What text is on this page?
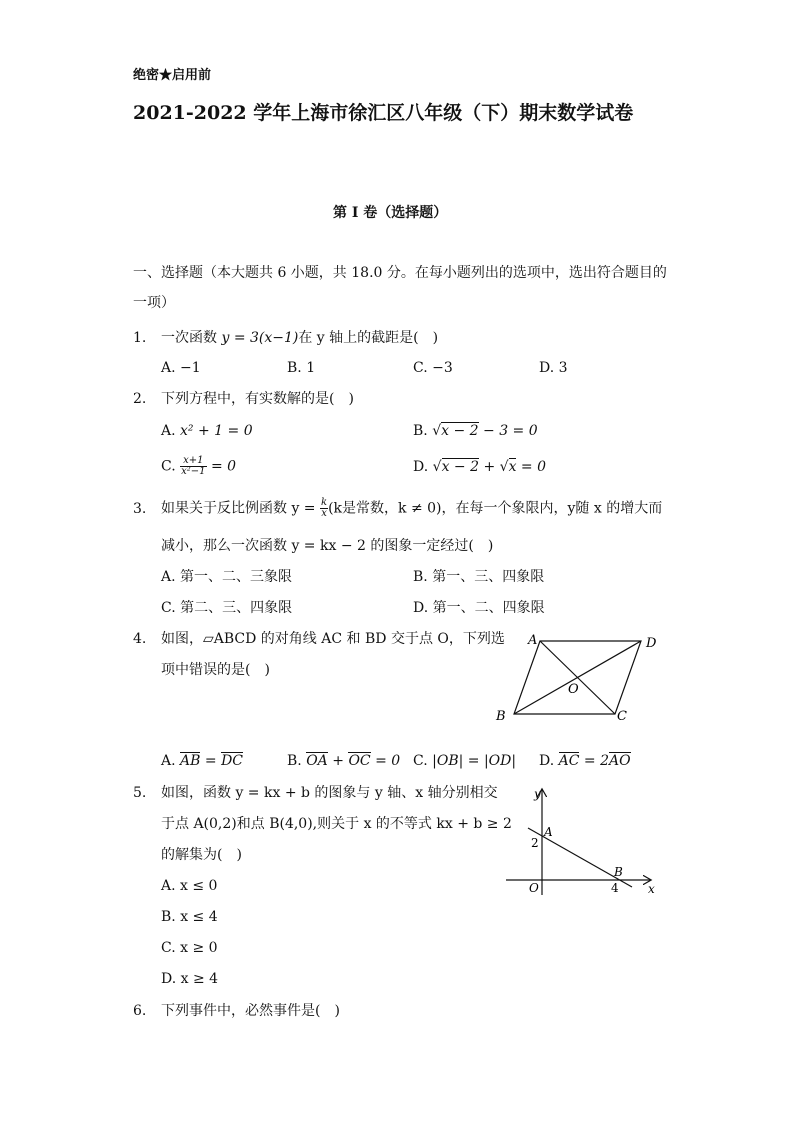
绝密★启用前
2021-2022 学年上海市徐汇区八年级（下）期末数学试卷
第 I 卷（选择题）
一、选择题（本大题共 6 小题，共 18.0 分。在每小题列出的选项中，选出符合题目的
一项）
1. 一次函数 y = 3(x−1)在 y 轴上的截距是(　)
A. −1	B. 1	C. −3	D. 3
2. 下列方程中，有实数解的是(　)
A. x² + 1 = 0	B. √x − 2 − 3 = 0
C. $\frac{x+1}{\text{x²−1}} = 0$	D. √x − 2 + √x = 0
3. 如果关于反比例函数 $y = \frac{k}{x} (k$是常数，k ≠ 0)，在每一个象限内，y随 x 的增大而
减小，那么一次函数 y = kx − 2 的图象一定经过(　)
A. 第一、二、三象限	B. 第一、三、四象限
C. 第二、三、四象限	D. 第一、二、四象限
4. 如图，▱ABCD 的对角线 AC 和 BD 交于点 O，下列选
项中错误的是(　)
A	D
B	C
O
A. AB = DC	B. OA + OC = 0 C. |OB| = |OD| D. AC = 2AO
5. 如图，函数 y = kx + b 的图象与 y 轴、x 轴分别相交
于点 A(0,2)和点 B(4,0),则关于 x 的不等式 kx + b ≥ 2
的解集为(　)
A. x ≤ 0
B. x ≤ 4
C. x ≥ 0
D. x ≥ 4
y
x
O
2
A
B
4
6. 下列事件中，必然事件是(　)
